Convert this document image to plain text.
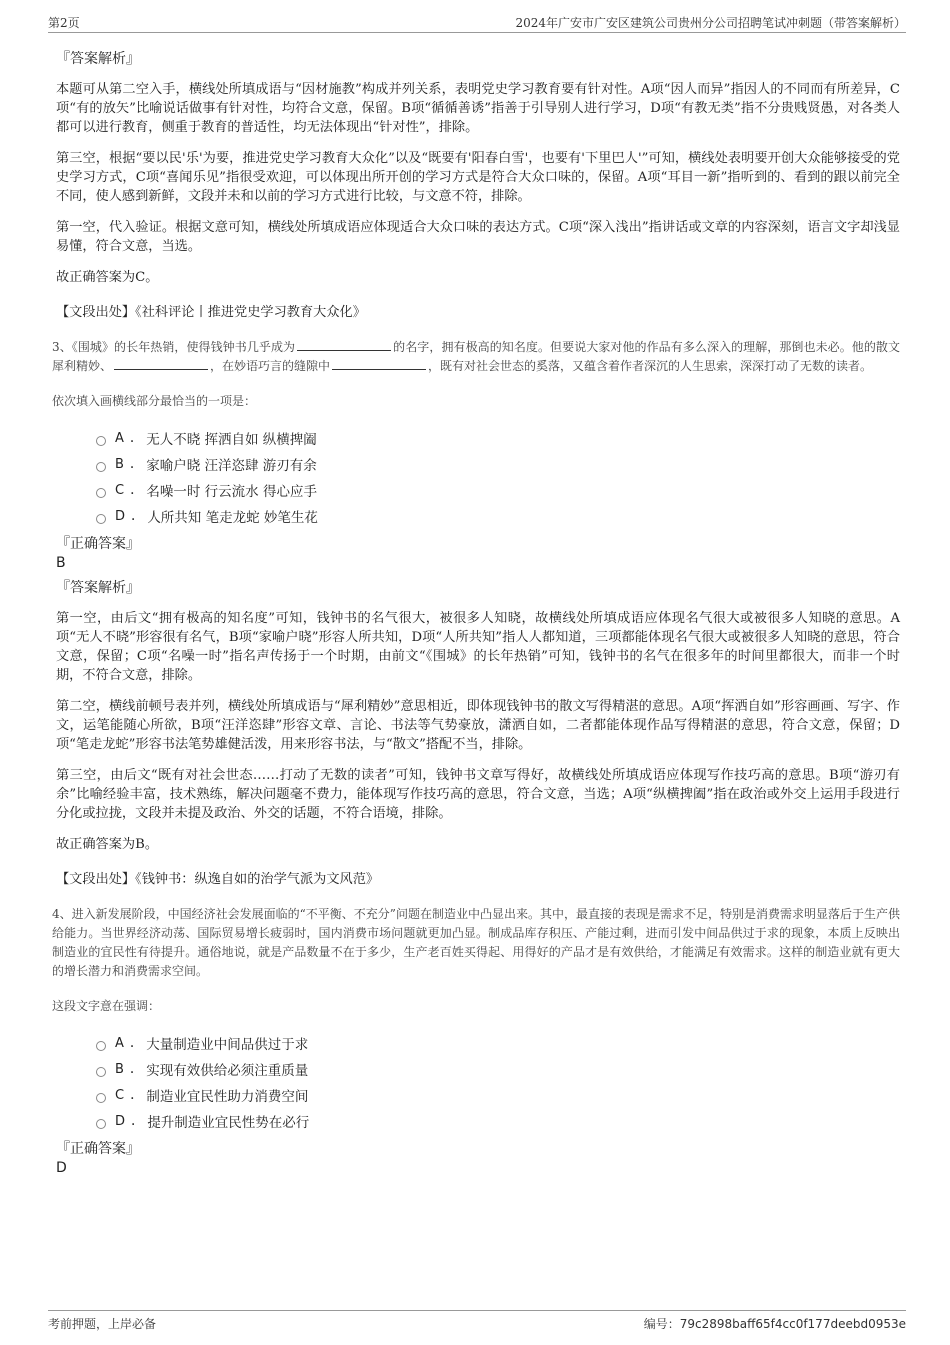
第2页	2024年广安市广安区建筑公司贵州分公司招聘笔试冲刺题（带答案解析）
『答案解析』

本题可从第二空入手，横线处所填成语与“因材施教”构成并列关系，表明党史学习教育要有针对性。A项“因人而异”指因人的不同而有所差异，C项“有的放矢”比喻说话做事有针对性，均符合文意，保留。B项“循循善诱”指善于引导别人进行学习，D项“有教无类”指不分贵贱贤愚，对各类人都可以进行教育，侧重于教育的普适性，均无法体现出“针对性”，排除。

第三空，根据“要以民'乐'为要，推进党史学习教育大众化”以及“既要有'阳春白雪'，也要有'下里巴人'”可知，横线处表明要开创大众能够接受的党史学习方式，C项“喜闻乐见”指很受欢迎，可以体现出所开创的学习方式是符合大众口味的，保留。A项“耳目一新”指听到的、看到的跟以前完全不同，使人感到新鲜，文段并未和以前的学习方式进行比较，与文意不符，排除。

第一空，代入验证。根据文意可知，横线处所填成语应体现适合大众口味的表达方式。C项“深入浅出”指讲话或文章的内容深刻，语言文字却浅显易懂，符合文意，当选。

故正确答案为C。

【文段出处】《社科评论丨推进党史学习教育大众化》

3、《围城》的长年热销，使得钱钟书几乎成为	的名字，拥有极高的知名度。但要说大家对他的作品有多么深入的理解，那倒也未必。他的散文犀利精妙、	，在妙语巧言的缝隙中	，既有对社会世态的奚落，又蕴含着作者深沉的人生思索，深深打动了无数的读者。

依次填入画横线部分最恰当的一项是：

A . 无人不晓 挥洒自如 纵横捭阖
B . 家喻户晓 汪洋恣肆 游刃有余
C . 名噪一时 行云流水 得心应手
D . 人所共知 笔走龙蛇 妙笔生花
『正确答案』
B
『答案解析』

第一空，由后文“拥有极高的知名度”可知，钱钟书的名气很大，被很多人知晓，故横线处所填成语应体现名气很大或被很多人知晓的意思。A项“无人不晓”形容很有名气，B项“家喻户晓”形容人所共知，D项“人所共知”指人人都知道，三项都能体现名气很大或被很多人知晓的意思，符合文意，保留；C项“名噪一时”指名声传扬于一个时期，由前文“《围城》的长年热销”可知，钱钟书的名气在很多年的时间里都很大，而非一个时期，不符合文意，排除。

第二空，横线前顿号表并列，横线处所填成语与“犀利精妙”意思相近，即体现钱钟书的散文写得精湛的意思。A项“挥洒自如”形容画画、写字、作文，运笔能随心所欲，B项“汪洋恣肆”形容文章、言论、书法等气势豪放，潇洒自如，二者都能体现作品写得精湛的意思，符合文意，保留；D项“笔走龙蛇”形容书法笔势雄健活泼，用来形容书法，与“散文”搭配不当，排除。

第三空，由后文“既有对社会世态……打动了无数的读者”可知，钱钟书文章写得好，故横线处所填成语应体现写作技巧高的意思。B项“游刃有余”比喻经验丰富，技术熟练，解决问题毫不费力，能体现写作技巧高的意思，符合文意，当选；A项“纵横捭阖”指在政治或外交上运用手段进行分化或拉拢，文段并未提及政治、外交的话题，不符合语境，排除。

故正确答案为B。

【文段出处】《钱钟书：纵逸自如的治学气派为文风范》

4、进入新发展阶段，中国经济社会发展面临的“不平衡、不充分”问题在制造业中凸显出来。其中，最直接的表现是需求不足，特别是消费需求明显落后于生产供给能力。当世界经济动荡、国际贸易增长疲弱时，国内消费市场问题就更加凸显。制成品库存积压、产能过剩，进而引发中间品供过于求的现象，本质上反映出制造业的宜民性有待提升。通俗地说，就是产品数量不在于多少，生产老百姓买得起、用得好的产品才是有效供给，才能满足有效需求。这样的制造业就有更大的增长潜力和消费需求空间。

这段文字意在强调：

A . 大量制造业中间品供过于求
B . 实现有效供给必须注重质量
C . 制造业宜民性助力消费空间
D . 提升制造业宜民性势在必行
『正确答案』
D
考前押题，上岸必备	编号：79c2898baff65f4cc0f177deebd0953e
